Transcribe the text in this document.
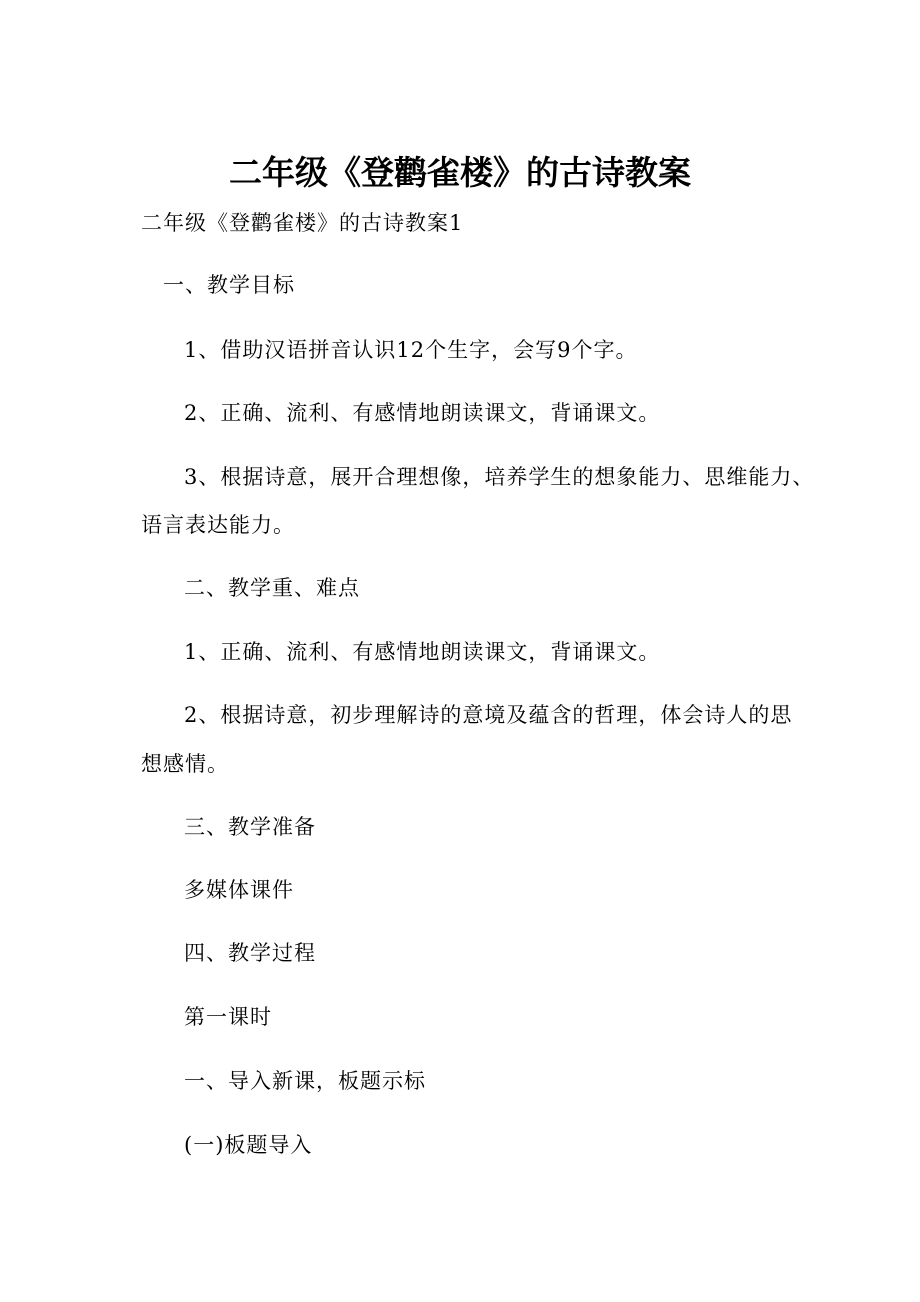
二年级《登鹳雀楼》的古诗教案

二年级《登鹳雀楼》的古诗教案1

一、教学目标

1、借助汉语拼音认识12个生字，会写9个字。

2、正确、流利、有感情地朗读课文，背诵课文。

3、根据诗意，展开合理想像，培养学生的想象能力、思维能力、

语言表达能力。

二、教学重、难点

1、正确、流利、有感情地朗读课文，背诵课文。

2、根据诗意，初步理解诗的意境及蕴含的哲理，体会诗人的思

想感情。

三、教学准备

多媒体课件

四、教学过程

第一课时

一、导入新课，板题示标

(一)板题导入
